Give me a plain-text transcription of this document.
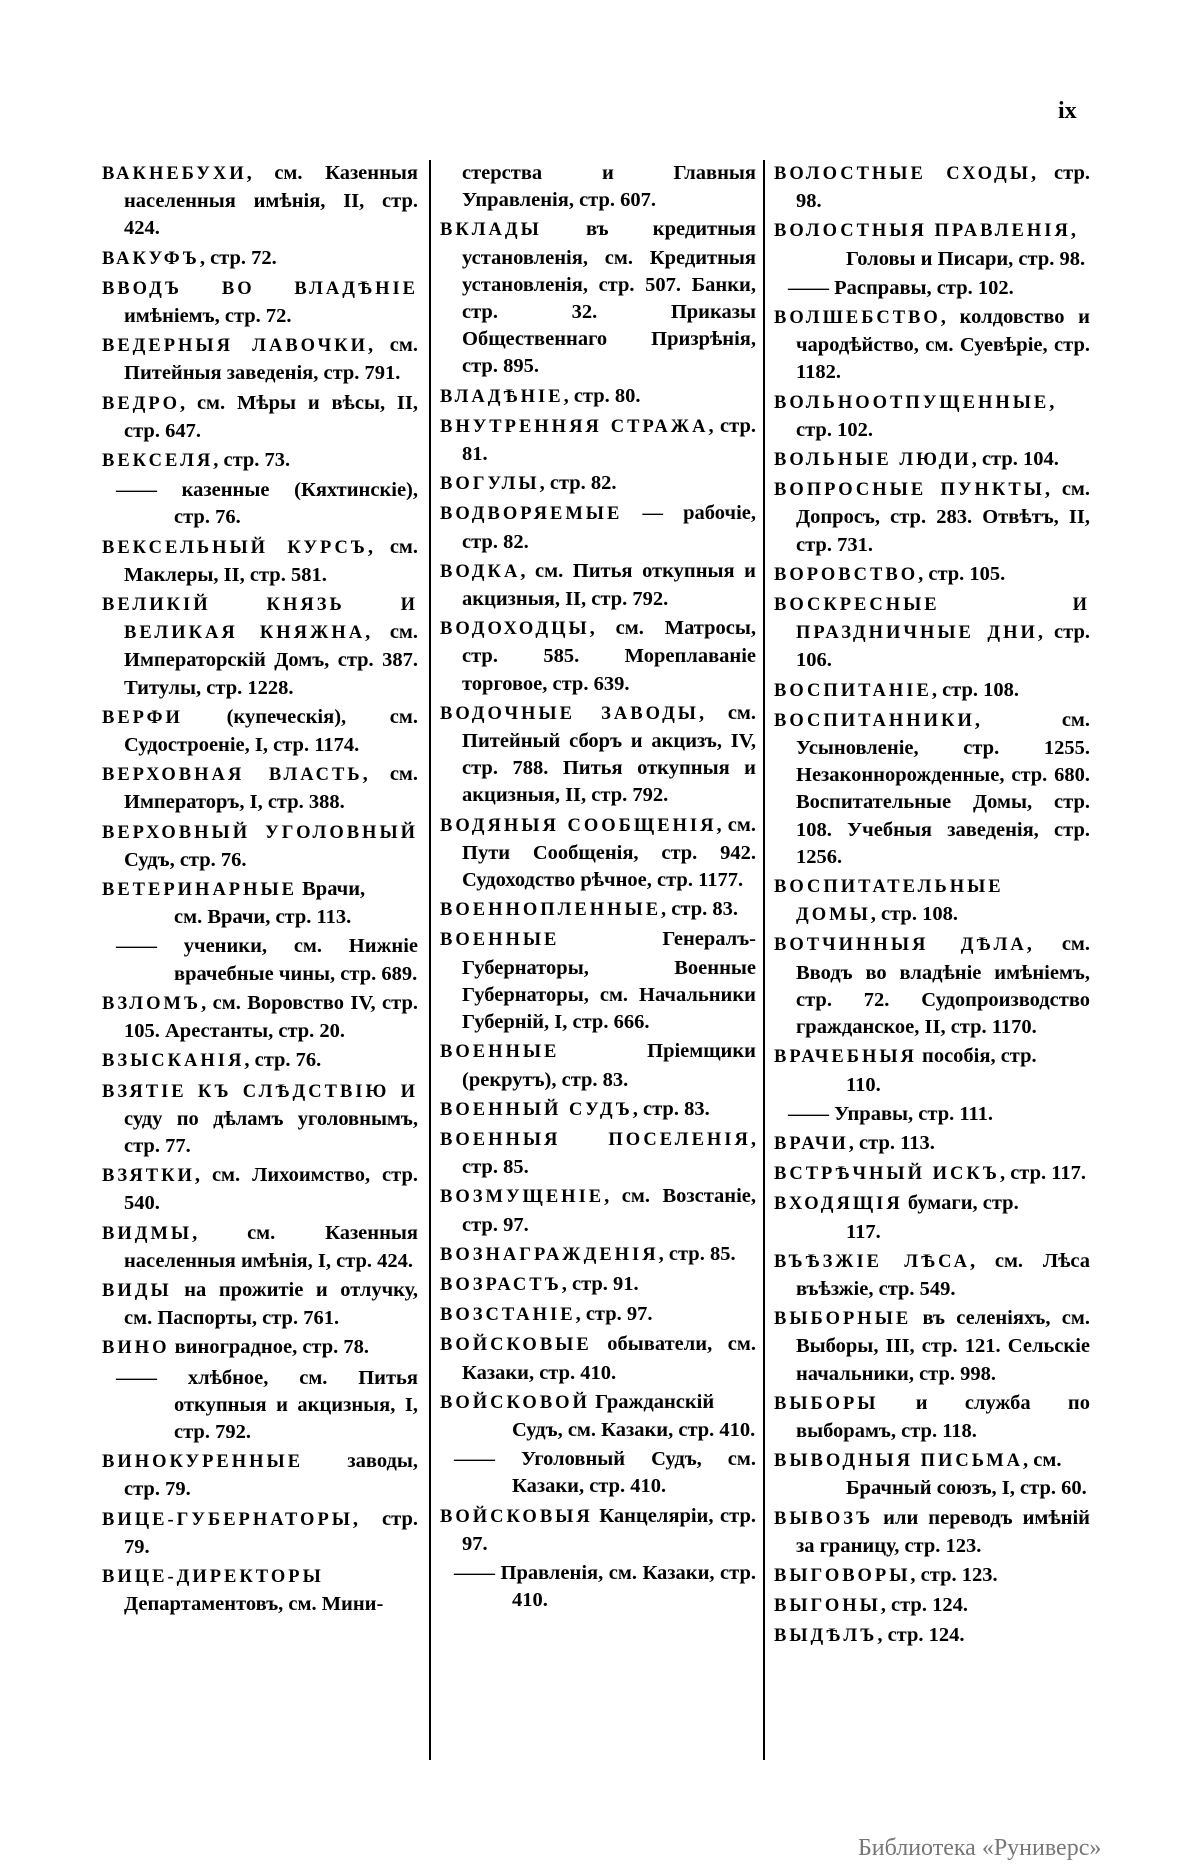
ix
ВАКНЕБУХИ, см. Казенныя населенныя имѣнія, II, стр. 424.
ВАКУФЪ, стр. 72.
ВВОДЪ ВО ВЛАДѢНІЕ имѣніемъ, стр. 72.
ВЕДЕРНЫЯ ЛАВОЧКИ, см. Питейныя заведенія, стр. 791.
ВЕДРО, см. Мѣры и вѣсы, II, стр. 647.
ВЕКСЕЛЯ, стр. 73.
—— казенные (Кяхтинскіе), стр. 76.
ВЕКСЕЛЬНЫЙ КУРСЪ, см. Маклеры, II, стр. 581.
ВЕЛИКІЙ КНЯЗЬ И ВЕЛИКАЯ КНЯЖНА, см. Императорскій Домъ, стр. 387. Титулы, стр. 1228.
ВЕРФИ (купеческія), см. Судостроеніе, I, стр. 1174.
ВЕРХОВНАЯ ВЛАСТЬ, см. Императоръ, I, стр. 388.
ВЕРХОВНЫЙ УГОЛОВНЫЙ Судъ, стр. 76.
ВЕТЕРИНАРНЫЕ Врачи,
см. Врачи, стр. 113.
—— ученики, см. Нижніе врачебные чины, стр. 689.
ВЗЛОМЪ, см. Воровство IV, стр. 105. Арестанты, стр. 20.
ВЗЫСКАНІЯ, стр. 76.
ВЗЯТІЕ КЪ СЛѢДСТВІЮ И суду по дѣламъ уголовнымъ, стр. 77.
ВЗЯТКИ, см. Лихоимство, стр. 540.
ВИДМЫ, см. Казенныя населенныя имѣнія, I, стр. 424.
ВИДЫ на прожитіе и отлучку, см. Паспорты, стр. 761.
ВИНО виноградное, стр. 78.
—— хлѣбное, см. Питья откупныя и акцизныя, I, стр. 792.
ВИНОКУРЕННЫЕ заводы, стр. 79.
ВИЦЕ-ГУБЕРНАТОРЫ, стр. 79.
ВИЦЕ-ДИРЕКТОРЫ Департаментовъ, см. Мини-
стерства и Главныя Управленія, стр. 607.
ВКЛАДЫ въ кредитныя установленія, см. Кредитныя установленія, стр. 507. Банки, стр. 32. Приказы Общественнаго Призрѣнія, стр. 895.
ВЛАДѢНІЕ, стр. 80.
ВНУТРЕННЯЯ СТРАЖА, стр. 81.
ВОГУЛЫ, стр. 82.
ВОДВОРЯЕМЫЕ — рабочіе, стр. 82.
ВОДКА, см. Питья откупныя и акцизныя, II, стр. 792.
ВОДОХОДЦЫ, см. Матросы, стр. 585. Мореплаваніе торговое, стр. 639.
ВОДОЧНЫЕ ЗАВОДЫ, см. Питейный сборъ и акцизъ, IV, стр. 788. Питья откупныя и акцизныя, II, стр. 792.
ВОДЯНЫЯ СООБЩЕНІЯ, см. Пути Сообщенія, стр. 942. Судоходство рѣчное, стр. 1177.
ВОЕННОПЛЕННЫЕ, стр. 83.
ВОЕННЫЕ Генералъ-Губернаторы, Военные Губернаторы, см. Начальники Губерній, I, стр. 666.
ВОЕННЫЕ Пріемщики (рекрутъ), стр. 83.
ВОЕННЫЙ СУДЪ, стр. 83.
ВОЕННЫЯ ПОСЕЛЕНІЯ, стр. 85.
ВОЗМУЩЕНІЕ, см. Возстаніе, стр. 97.
ВОЗНАГРАЖДЕНІЯ, стр. 85.
ВОЗРАСТЪ, стр. 91.
ВОЗСТАНІЕ, стр. 97.
ВОЙСКОВЫЕ обыватели, см. Казаки, стр. 410.
ВОЙСКОВОЙ Гражданскій
Судъ, см. Казаки, стр. 410.
—— Уголовный Судъ, см. Казаки, стр. 410.
ВОЙСКОВЫЯ Канцеляріи, стр. 97.
—— Правленія, см. Казаки, стр. 410.
ВОЛОСТНЫЕ СХОДЫ, стр. 98.
ВОЛОСТНЫЯ ПРАВЛЕНІЯ,
Головы и Писари, стр. 98.
—— Расправы, стр. 102.
ВОЛШЕБСТВО, колдовство и чародѣйство, см. Суевѣріе, стр. 1182.
ВОЛЬНООТПУЩЕННЫЕ, стр. 102.
ВОЛЬНЫЕ ЛЮДИ, стр. 104.
ВОПРОСНЫЕ ПУНКТЫ, см. Допросъ, стр. 283. Отвѣтъ, II, стр. 731.
ВОРОВСТВО, стр. 105.
ВОСКРЕСНЫЕ И ПРАЗДНИЧНЫЕ ДНИ, стр. 106.
ВОСПИТАНІЕ, стр. 108.
ВОСПИТАННИКИ, см. Усыновленіе, стр. 1255. Незаконнорожденные, стр. 680. Воспитательные Домы, стр. 108. Учебныя заведенія, стр. 1256.
ВОСПИТАТЕЛЬНЫЕ ДОМЫ, стр. 108.
ВОТЧИННЫЯ ДѢЛА, см. Вводъ во владѣніе имѣніемъ, стр. 72. Судопроизводство гражданское, II, стр. 1170.
ВРАЧЕБНЫЯ пособія, стр.
110.
—— Управы, стр. 111.
ВРАЧИ, стр. 113.
ВСТРѢЧНЫЙ ИСКЪ, стр. 117.
ВХОДЯЩІЯ бумаги, стр.
117.
ВЪѢЗЖІЕ ЛѢСА, см. Лѣса въѣзжіе, стр. 549.
ВЫБОРНЫЕ въ селеніяхъ, см. Выборы, III, стр. 121. Сельскіе начальники, стр. 998.
ВЫБОРЫ и служба по выборамъ, стр. 118.
ВЫВОДНЫЯ ПИСЬМА, см.
Брачный союзъ, I, стр. 60.
ВЫВОЗЪ или переводъ имѣній за границу, стр. 123.
ВЫГОВОРЫ, стр. 123.
ВЫГОНЫ, стр. 124.
ВЫДѢЛЪ, стр. 124.
Библиотека «Руниверс»
